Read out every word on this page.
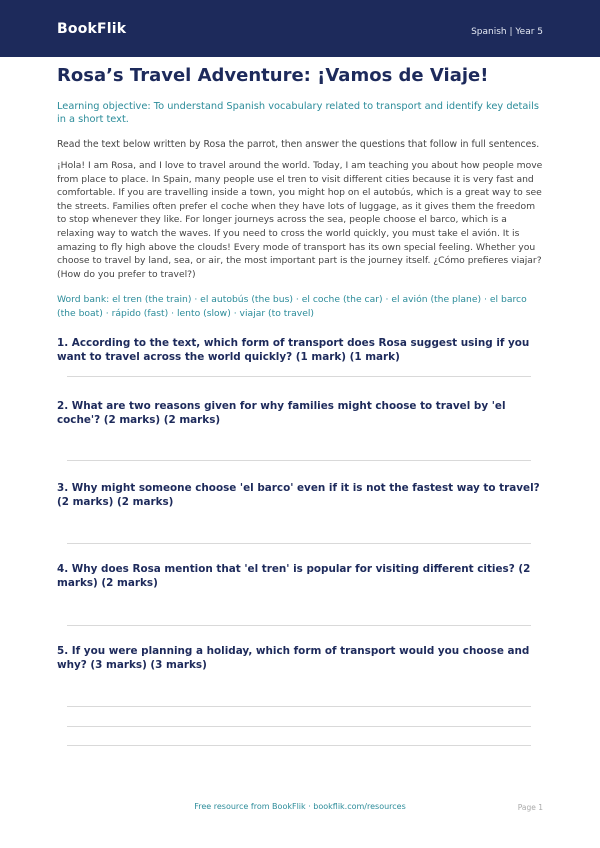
BookFlik	Spanish | Year 5
Rosa’s Travel Adventure: ¡Vamos de Viaje!
Learning objective: To understand Spanish vocabulary related to transport and identify key details in a short text.
Read the text below written by Rosa the parrot, then answer the questions that follow in full sentences.
¡Hola! I am Rosa, and I love to travel around the world. Today, I am teaching you about how people move from place to place. In Spain, many people use el tren to visit different cities because it is very fast and comfortable. If you are travelling inside a town, you might hop on el autobús, which is a great way to see the streets. Families often prefer el coche when they have lots of luggage, as it gives them the freedom to stop whenever they like. For longer journeys across the sea, people choose el barco, which is a relaxing way to watch the waves. If you need to cross the world quickly, you must take el avión. It is amazing to fly high above the clouds! Every mode of transport has its own special feeling. Whether you choose to travel by land, sea, or air, the most important part is the journey itself. ¿Cómo prefieres viajar? (How do you prefer to travel?)
Word bank: el tren (the train) · el autobús (the bus) · el coche (the car) · el avión (the plane) · el barco (the boat) · rápido (fast) · lento (slow) · viajar (to travel)
1. According to the text, which form of transport does Rosa suggest using if you want to travel across the world quickly? (1 mark) (1 mark)
2. What are two reasons given for why families might choose to travel by 'el coche'? (2 marks) (2 marks)
3. Why might someone choose 'el barco' even if it is not the fastest way to travel? (2 marks) (2 marks)
4. Why does Rosa mention that 'el tren' is popular for visiting different cities? (2 marks) (2 marks)
5. If you were planning a holiday, which form of transport would you choose and why? (3 marks) (3 marks)
Free resource from BookFlik · bookflik.com/resources	Page 1
